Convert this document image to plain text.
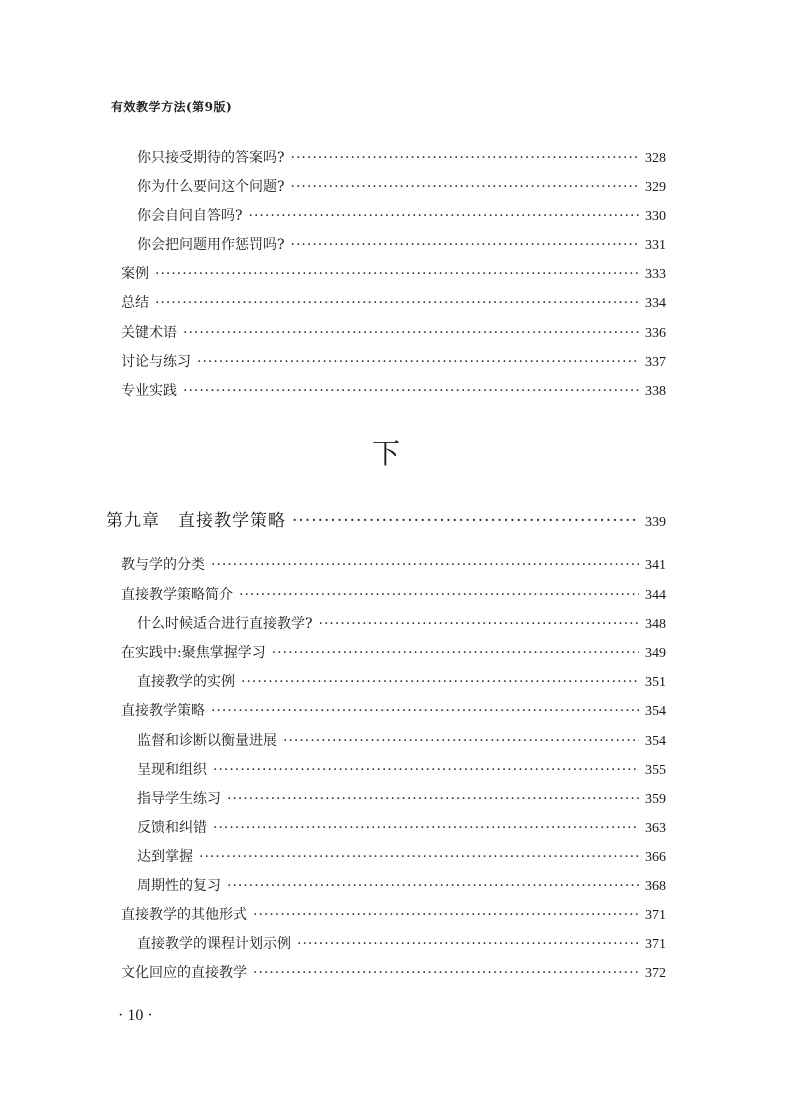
有效教学方法(第9版)
你只接受期待的答案吗? ·····	328
你为什么要问这个问题? ·····	329
你会自问自答吗? ·····	330
你会把问题用作惩罚吗? ·····	331
案例 ·····	333
总结 ·····	334
关键术语 ·····	336
讨论与练习 ·····	337
专业实践 ·····	338
下
第九章　直接教学策略 ·····	339
教与学的分类 ·····	341
直接教学策略简介 ·····	344
什么时候适合进行直接教学? ·····	348
在实践中:聚焦掌握学习 ·····	349
直接教学的实例 ·····	351
直接教学策略 ·····	354
监督和诊断以衡量进展 ·····	354
呈现和组织 ·····	355
指导学生练习 ·····	359
反馈和纠错 ·····	363
达到掌握 ·····	366
周期性的复习 ·····	368
直接教学的其他形式 ·····	371
直接教学的课程计划示例 ·····	371
文化回应的直接教学 ·····	372
· 10 ·
